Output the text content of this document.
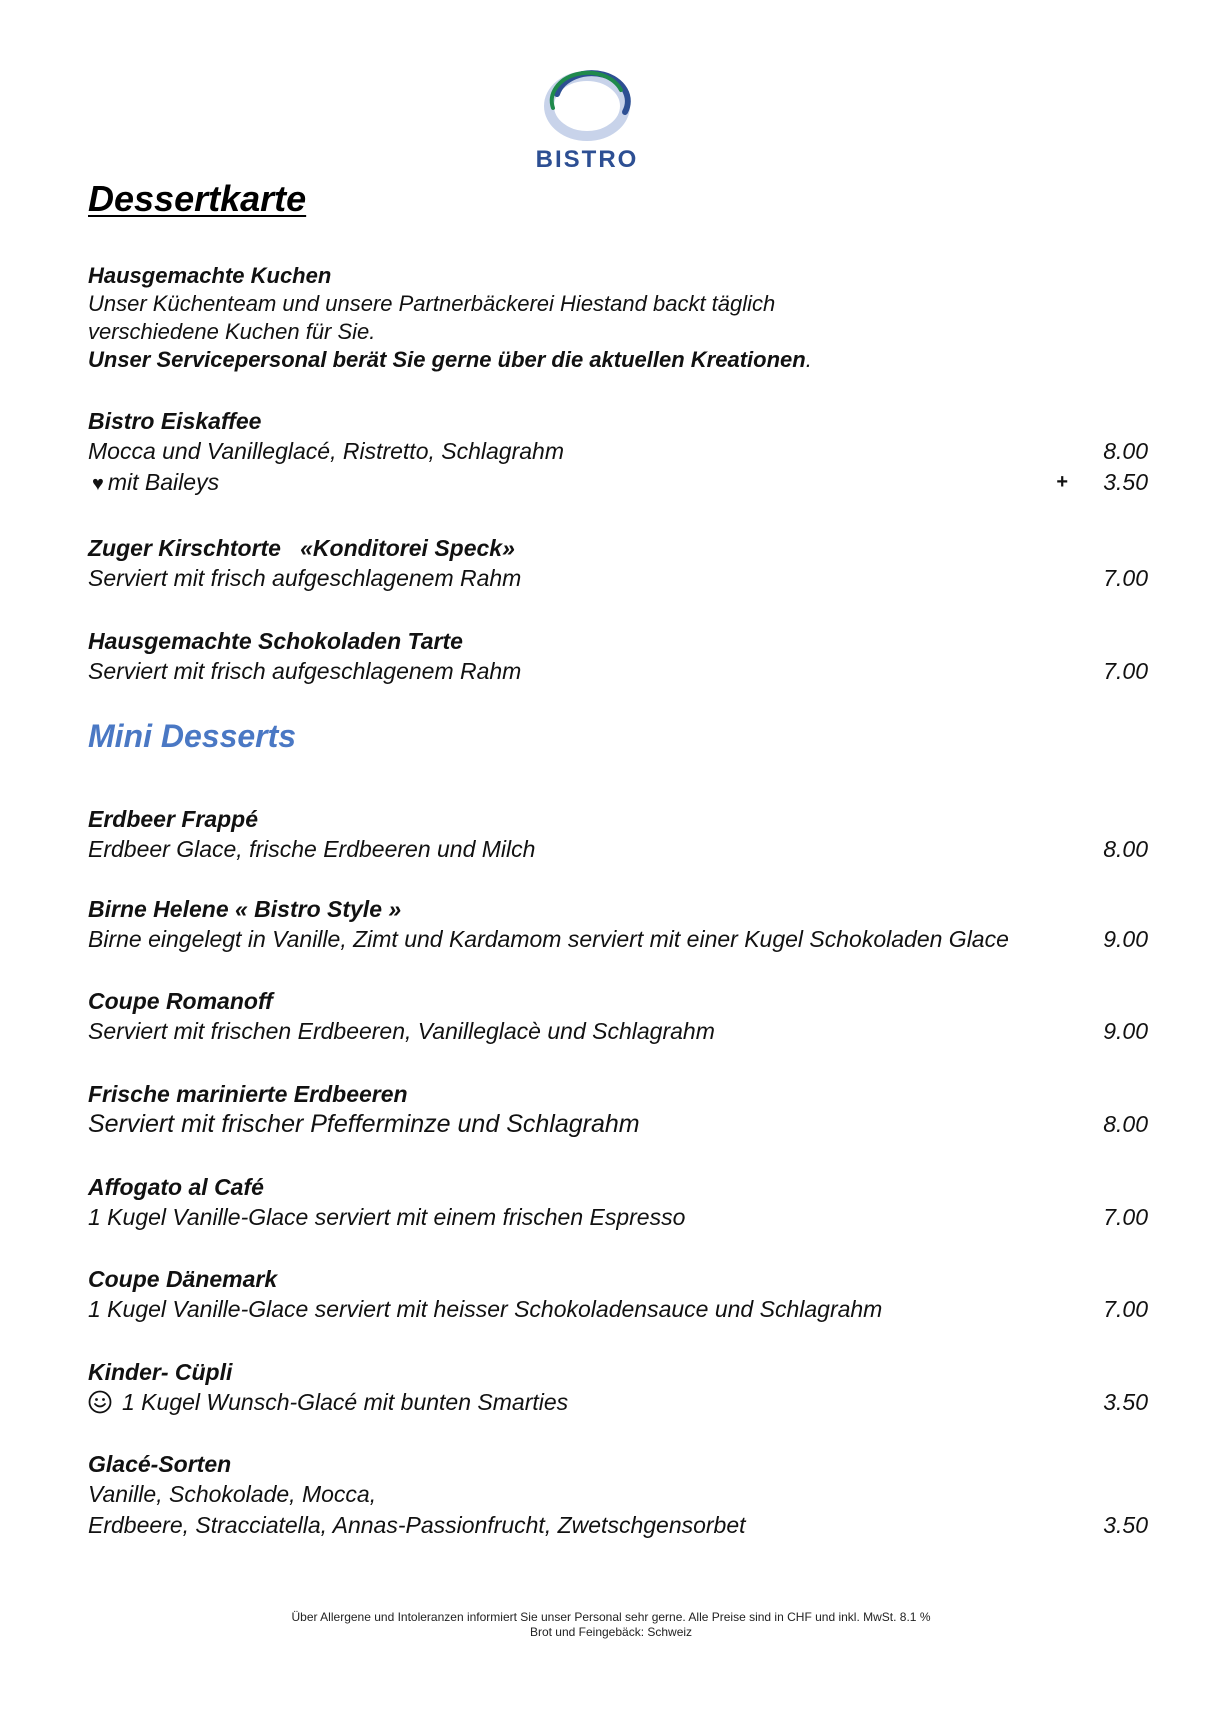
BISTRO
Dessertkarte
Hausgemachte Kuchen
Unser Küchenteam und unsere Partnerbäckerei Hiestand backt täglich
verschiedene Kuchen für Sie.
Unser Servicepersonal berät Sie gerne über die aktuellen Kreationen.
Bistro Eiskaffee
Mocca und Vanilleglacé, Ristretto, Schlagrahm	8.00
♥ mit Baileys	+	3.50
Zuger Kirschtorte   «Konditorei Speck»
Serviert mit frisch aufgeschlagenem Rahm	7.00
Hausgemachte Schokoladen Tarte
Serviert mit frisch aufgeschlagenem Rahm	7.00
Mini Desserts
Erdbeer Frappé
Erdbeer Glace, frische Erdbeeren und Milch	8.00
Birne Helene « Bistro Style »
Birne eingelegt in Vanille, Zimt und Kardamom serviert mit einer Kugel Schokoladen Glace	9.00
Coupe Romanoff
Serviert mit frischen Erdbeeren, Vanilleglacè und Schlagrahm	9.00
Frische marinierte Erdbeeren
Serviert mit frischer Pfefferminze und Schlagrahm	8.00
Affogato al Café
1 Kugel Vanille-Glace serviert mit einem frischen Espresso	7.00
Coupe Dänemark
1 Kugel Vanille-Glace serviert mit heisser Schokoladensauce und Schlagrahm	7.00
Kinder- Cüpli
1 Kugel Wunsch-Glacé mit bunten Smarties	3.50
Glacé-Sorten
Vanille, Schokolade, Mocca,
Erdbeere, Stracciatella, Annas-Passionfrucht, Zwetschgensorbet	3.50
Über Allergene und Intoleranzen informiert Sie unser Personal sehr gerne. Alle Preise sind in CHF und inkl. MwSt. 8.1 %
Brot und Feingebäck: Schweiz
